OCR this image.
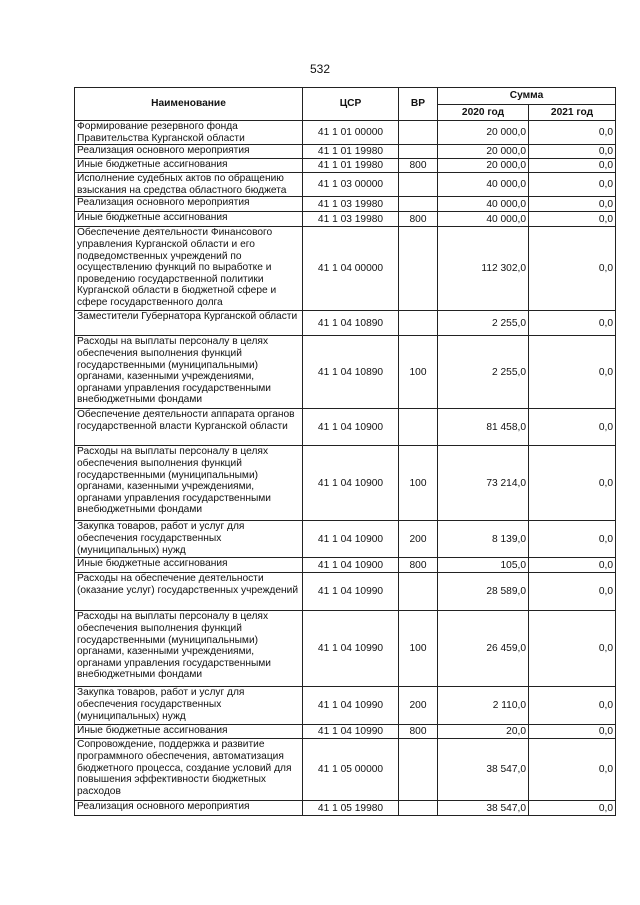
532
Наименование	ЦСР	ВР	Сумма	
			2020 год	2021 год
Формирование резервного фонда Правительства Курганской области	41 1 01 00000		20 000,0	0,0
Реализация основного мероприятия	41 1 01 19980		20 000,0	0,0
Иные бюджетные ассигнования	41 1 01 19980	800	20 000,0	0,0
Исполнение судебных актов по обращению взыскания на средства областного бюджета	41 1 03 00000		40 000,0	0,0
Реализация основного мероприятия	41 1 03 19980		40 000,0	0,0
Иные бюджетные ассигнования	41 1 03 19980	800	40 000,0	0,0
Обеспечение деятельности Финансового управления Курганской области и его подведомственных учреждений по осуществлению функций по выработке и проведению государственной политики Курганской области в бюджетной сфере и сфере государственного долга	41 1 04 00000		112 302,0	0,0
Заместители Губернатора Курганской области	41 1 04 10890		2 255,0	0,0
Расходы на выплаты персоналу в целях обеспечения выполнения функций государственными (муниципальными) органами, казенными учреждениями, органами управления государственными внебюджетными фондами	41 1 04 10890	100	2 255,0	0,0
Обеспечение деятельности аппарата органов государственной власти Курганской области	41 1 04 10900		81 458,0	0,0
Расходы на выплаты персоналу в целях обеспечения выполнения функций государственными (муниципальными) органами, казенными учреждениями, органами управления государственными внебюджетными фондами	41 1 04 10900	100	73 214,0	0,0
Закупка товаров, работ и услуг для обеспечения государственных (муниципальных) нужд	41 1 04 10900	200	8 139,0	0,0
Иные бюджетные ассигнования	41 1 04 10900	800	105,0	0,0
Расходы на обеспечение деятельности (оказание услуг) государственных учреждений	41 1 04 10990		28 589,0	0,0
Расходы на выплаты персоналу в целях обеспечения выполнения функций государственными (муниципальными) органами, казенными учреждениями, органами управления государственными внебюджетными фондами	41 1 04 10990	100	26 459,0	0,0
Закупка товаров, работ и услуг для обеспечения государственных (муниципальных) нужд	41 1 04 10990	200	2 110,0	0,0
Иные бюджетные ассигнования	41 1 04 10990	800	20,0	0,0
Сопровождение, поддержка и развитие программного обеспечения, автоматизация бюджетного процесса, создание условий для повышения эффективности бюджетных расходов	41 1 05 00000		38 547,0	0,0
Реализация основного мероприятия	41 1 05 19980		38 547,0	0,0
